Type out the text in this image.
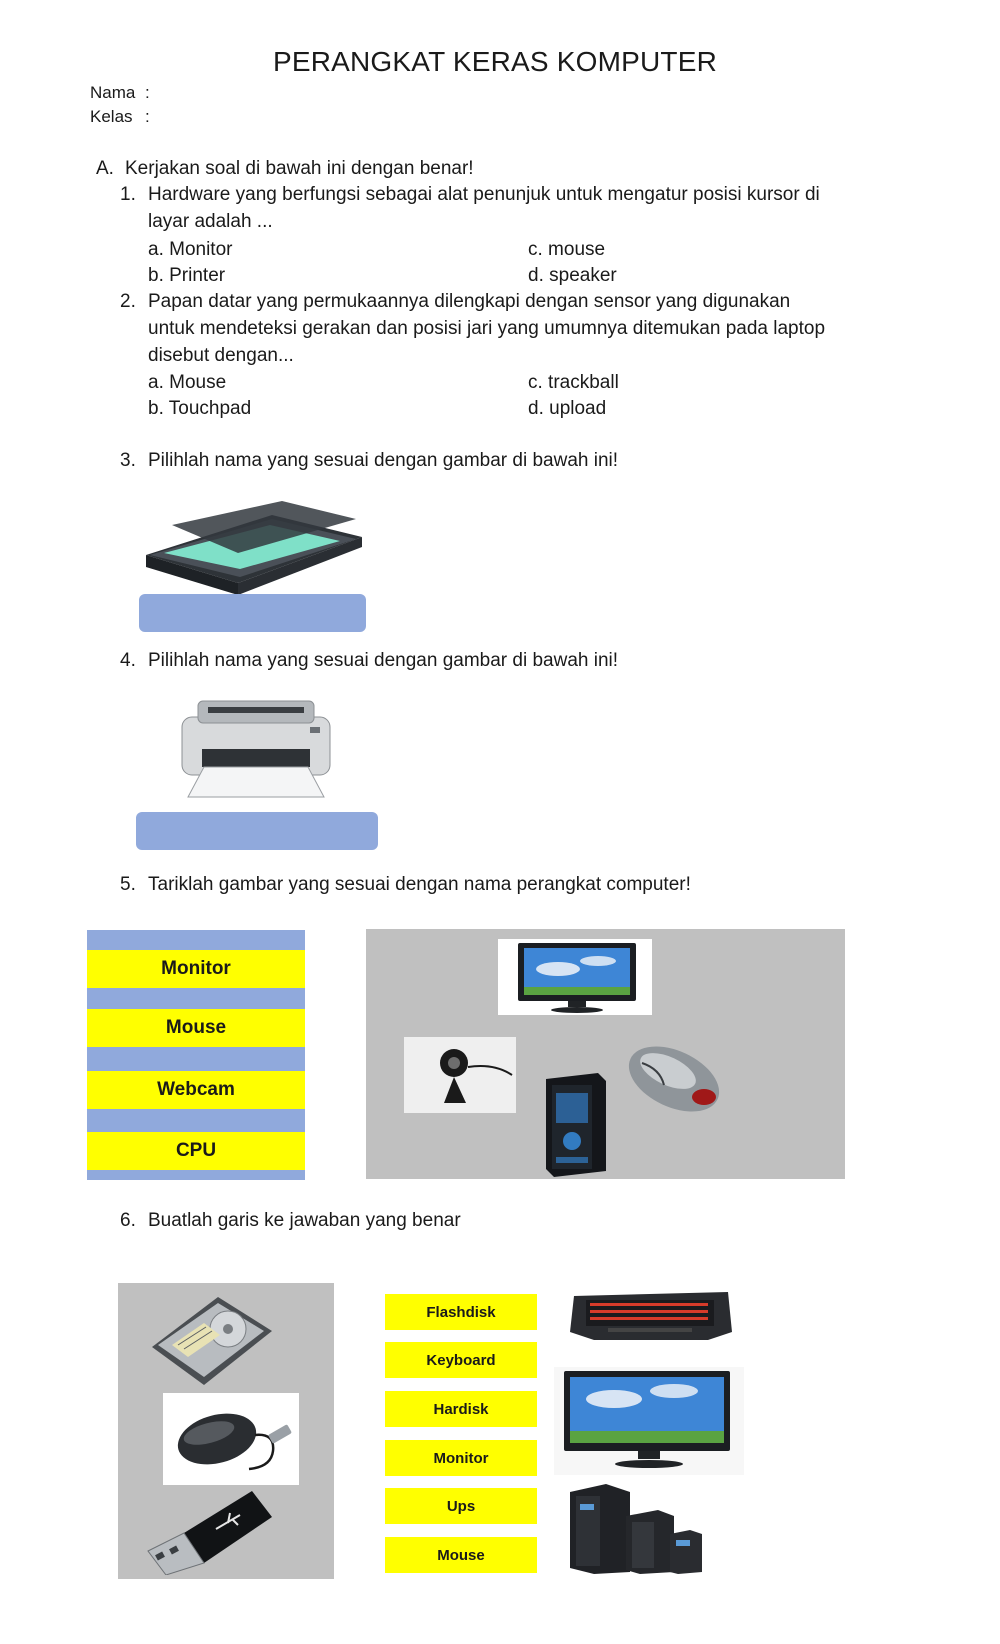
PERANGKAT KERAS KOMPUTER
Nama :
Kelas :
A. Kerjakan soal di bawah ini dengan benar!
1. Hardware yang berfungsi sebagai alat penunjuk untuk mengatur posisi kursor di
layar adalah ...
a. Monitor
b. Printer
c. mouse
d. speaker
2. Papan datar yang permukaannya dilengkapi dengan sensor yang digunakan
untuk mendeteksi gerakan dan posisi jari yang umumnya ditemukan pada laptop
disebut dengan...
a. Mouse
b. Touchpad
c. trackball
d. upload
3. Pilihlah nama yang sesuai dengan gambar di bawah ini!
4. Pilihlah nama yang sesuai dengan gambar di bawah ini!
5. Tariklah gambar yang sesuai dengan nama perangkat computer!
Monitor
Mouse
Webcam
CPU
6. Buatlah garis ke jawaban yang benar
Flashdisk
Keyboard
Hardisk
Monitor
Ups
Mouse
